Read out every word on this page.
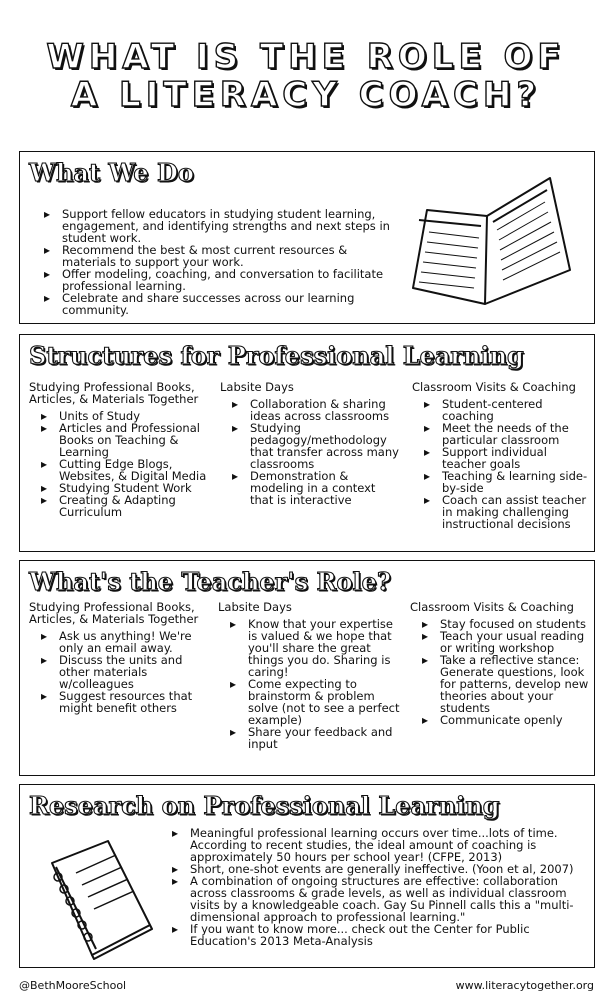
WHAT IS THE ROLE OF
A LITERACY COACH?
What We Do
▸ Support fellow educators in studying student learning, engagement, and identifying strengths and next steps in student work.
▸ Recommend the best & most current resources & materials to support your work.
▸ Offer modeling, coaching, and conversation to facilitate professional learning.
▸ Celebrate and share successes across our learning community.
Structures for Professional Learning
Studying Professional Books, Articles, & Materials Together
▸ Units of Study
▸ Articles and Professional Books on Teaching & Learning
▸ Cutting Edge Blogs, Websites, & Digital Media
▸ Studying Student Work
▸ Creating & Adapting Curriculum
Labsite Days
▸ Collaboration & sharing ideas across classrooms
▸ Studying pedagogy/methodology that transfer across many classrooms
▸ Demonstration & modeling in a context that is interactive
Classroom Visits & Coaching
▸ Student-centered coaching
▸ Meet the needs of the particular classroom
▸ Support individual teacher goals
▸ Teaching & learning side-by-side
▸ Coach can assist teacher in making challenging instructional decisions
What's the Teacher's Role?
Studying Professional Books, Articles, & Materials Together
▸ Ask us anything! We're only an email away.
▸ Discuss the units and other materials w/colleagues
▸ Suggest resources that might benefit others
Labsite Days
▸ Know that your expertise is valued & we hope that you'll share the great things you do. Sharing is caring!
▸ Come expecting to brainstorm & problem solve (not to see a perfect example)
▸ Share your feedback and input
Classroom Visits & Coaching
▸ Stay focused on students
▸ Teach your usual reading or writing workshop
▸ Take a reflective stance: Generate questions, look for patterns, develop new theories about your students
▸ Communicate openly
Research on Professional Learning
▸ Meaningful professional learning occurs over time...lots of time. According to recent studies, the ideal amount of coaching is approximately 50 hours per school year! (CFPE, 2013)
▸ Short, one-shot events are generally ineffective. (Yoon et al, 2007)
▸ A combination of ongoing structures are effective: collaboration across classrooms & grade levels, as well as individual classroom visits by a knowledgeable coach. Gay Su Pinnell calls this a "multi-dimensional approach to professional learning."
▸ If you want to know more... check out the Center for Public Education's 2013 Meta-Analysis
@BethMooreSchool	www.literacytogether.org
